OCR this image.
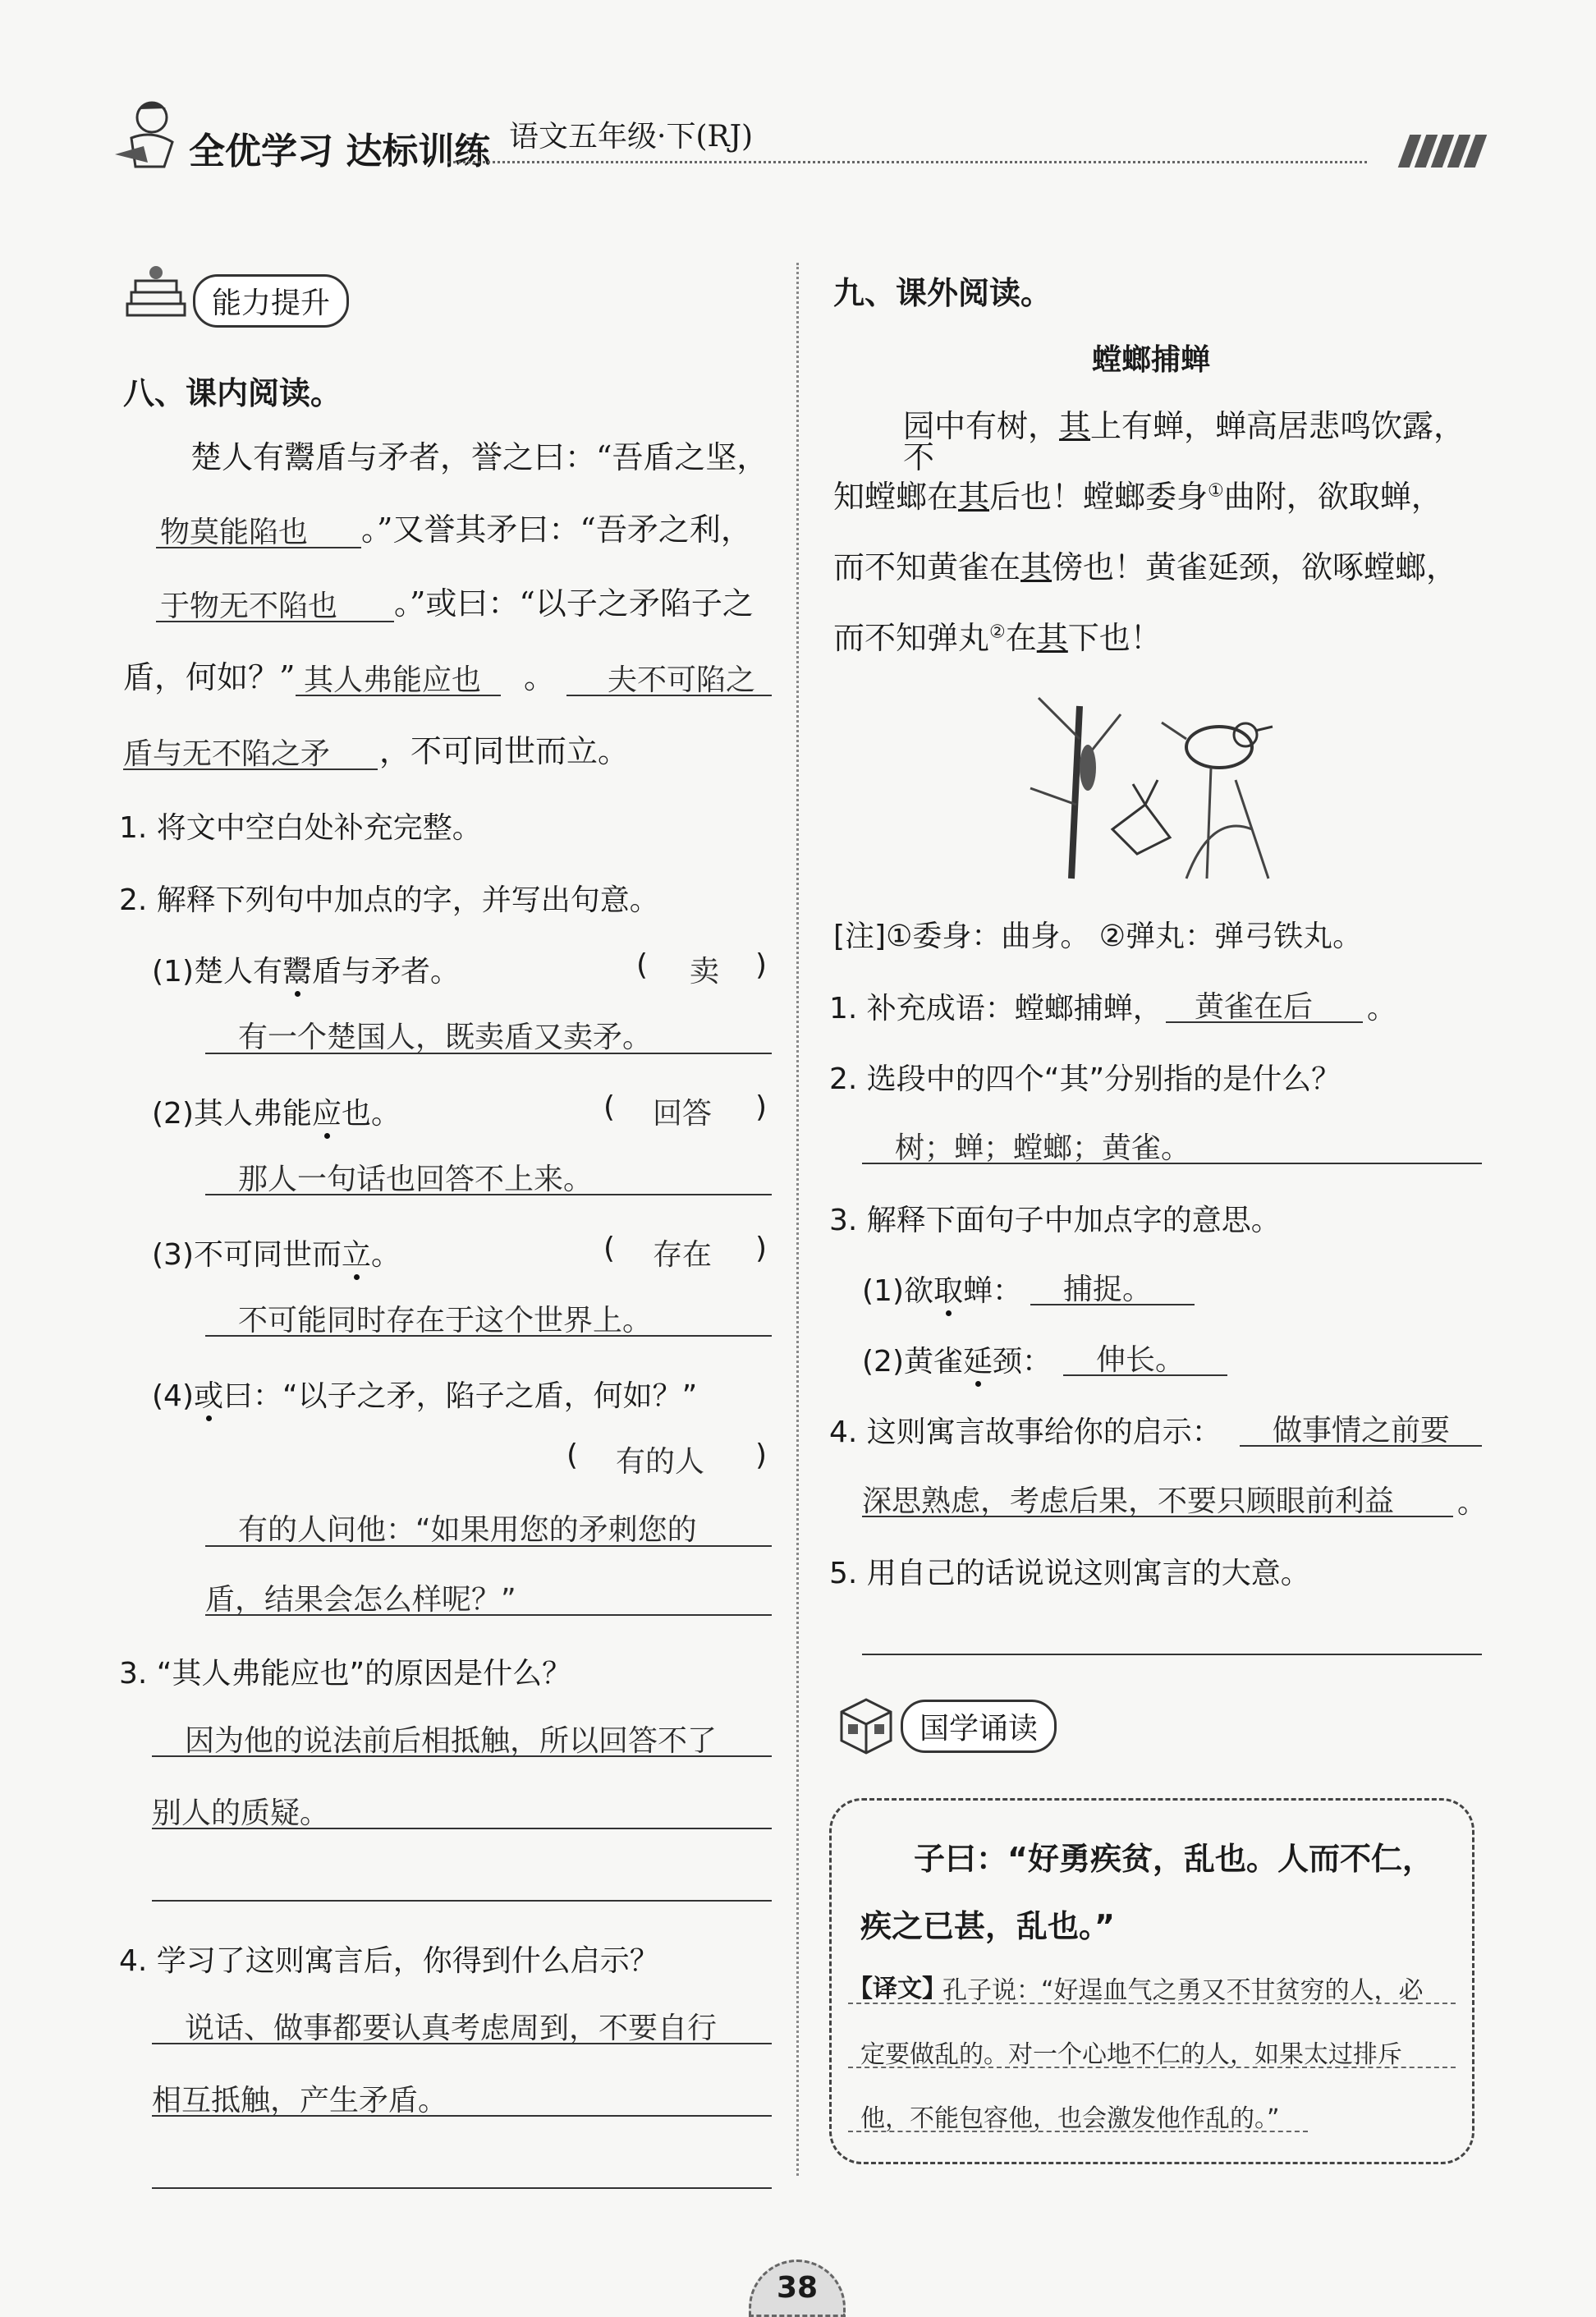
全优学习 达标训练 语文五年级·下(RJ)
能力提升
八、课内阅读。
楚人有鬻盾与矛者，誉之曰：“吾盾之坚，
物莫能陷也 。”又誉其矛曰：“吾矛之利，
于物无不陷也 。”或曰：“以子之矛陷子之
盾，何如？” 其人弗能应也 。 夫不可陷之
盾与无不陷之矛 ，不可同世而立。
1. 将文中空白处补充完整。
2. 解释下列句中加点的字，并写出句意。
(1)楚人有鬻盾与矛者。	( 卖 )
有一个楚国人，既卖盾又卖矛。
(2)其人弗能应也。	( 回答 )
那人一句话也回答不上来。
(3)不可同世而立。	( 存在 )
不可能同时存在于这个世界上。
(4)或曰：“以子之矛，陷子之盾，何如？”
( 有的人 )
有的人问他：“如果用您的矛刺您的
盾，结果会怎么样呢？”
3. “其人弗能应也”的原因是什么？
因为他的说法前后相抵触，所以回答不了
别人的质疑。
4. 学习了这则寓言后，你得到什么启示？
说话、做事都要认真考虑周到，不要自行
相互抵触，产生矛盾。
九、课外阅读。
螳螂捕蝉
园中有树，其上有蝉，蝉高居悲鸣饮露，不
知螳螂在其后也！螳螂委身①曲附，欲取蝉，
而不知黄雀在其傍也！黄雀延颈，欲啄螳螂，
而不知弹丸②在其下也！
[注]①委身：曲身。 ②弹丸：弹弓铁丸。
1. 补充成语：螳螂捕蝉， 黄雀在后 。
2. 选段中的四个“其”分别指的是什么？
树；蝉；螳螂；黄雀。
3. 解释下面句子中加点字的意思。
(1)欲取蝉： 捕捉。
(2)黄雀延颈： 伸长。
4. 这则寓言故事给你的启示： 做事情之前要
深思熟虑，考虑后果，不要只顾眼前利益 。
5. 用自己的话说说这则寓言的大意。
国学诵读
子曰：“好勇疾贫，乱也。人而不仁，
疾之已甚，乱也。”
【译文】
孔子说：“好逞血气之勇又不甘贫穷的人，必
定要做乱的。对一个心地不仁的人，如果太过排斥
他，不能包容他，也会激发他作乱的。”
38
